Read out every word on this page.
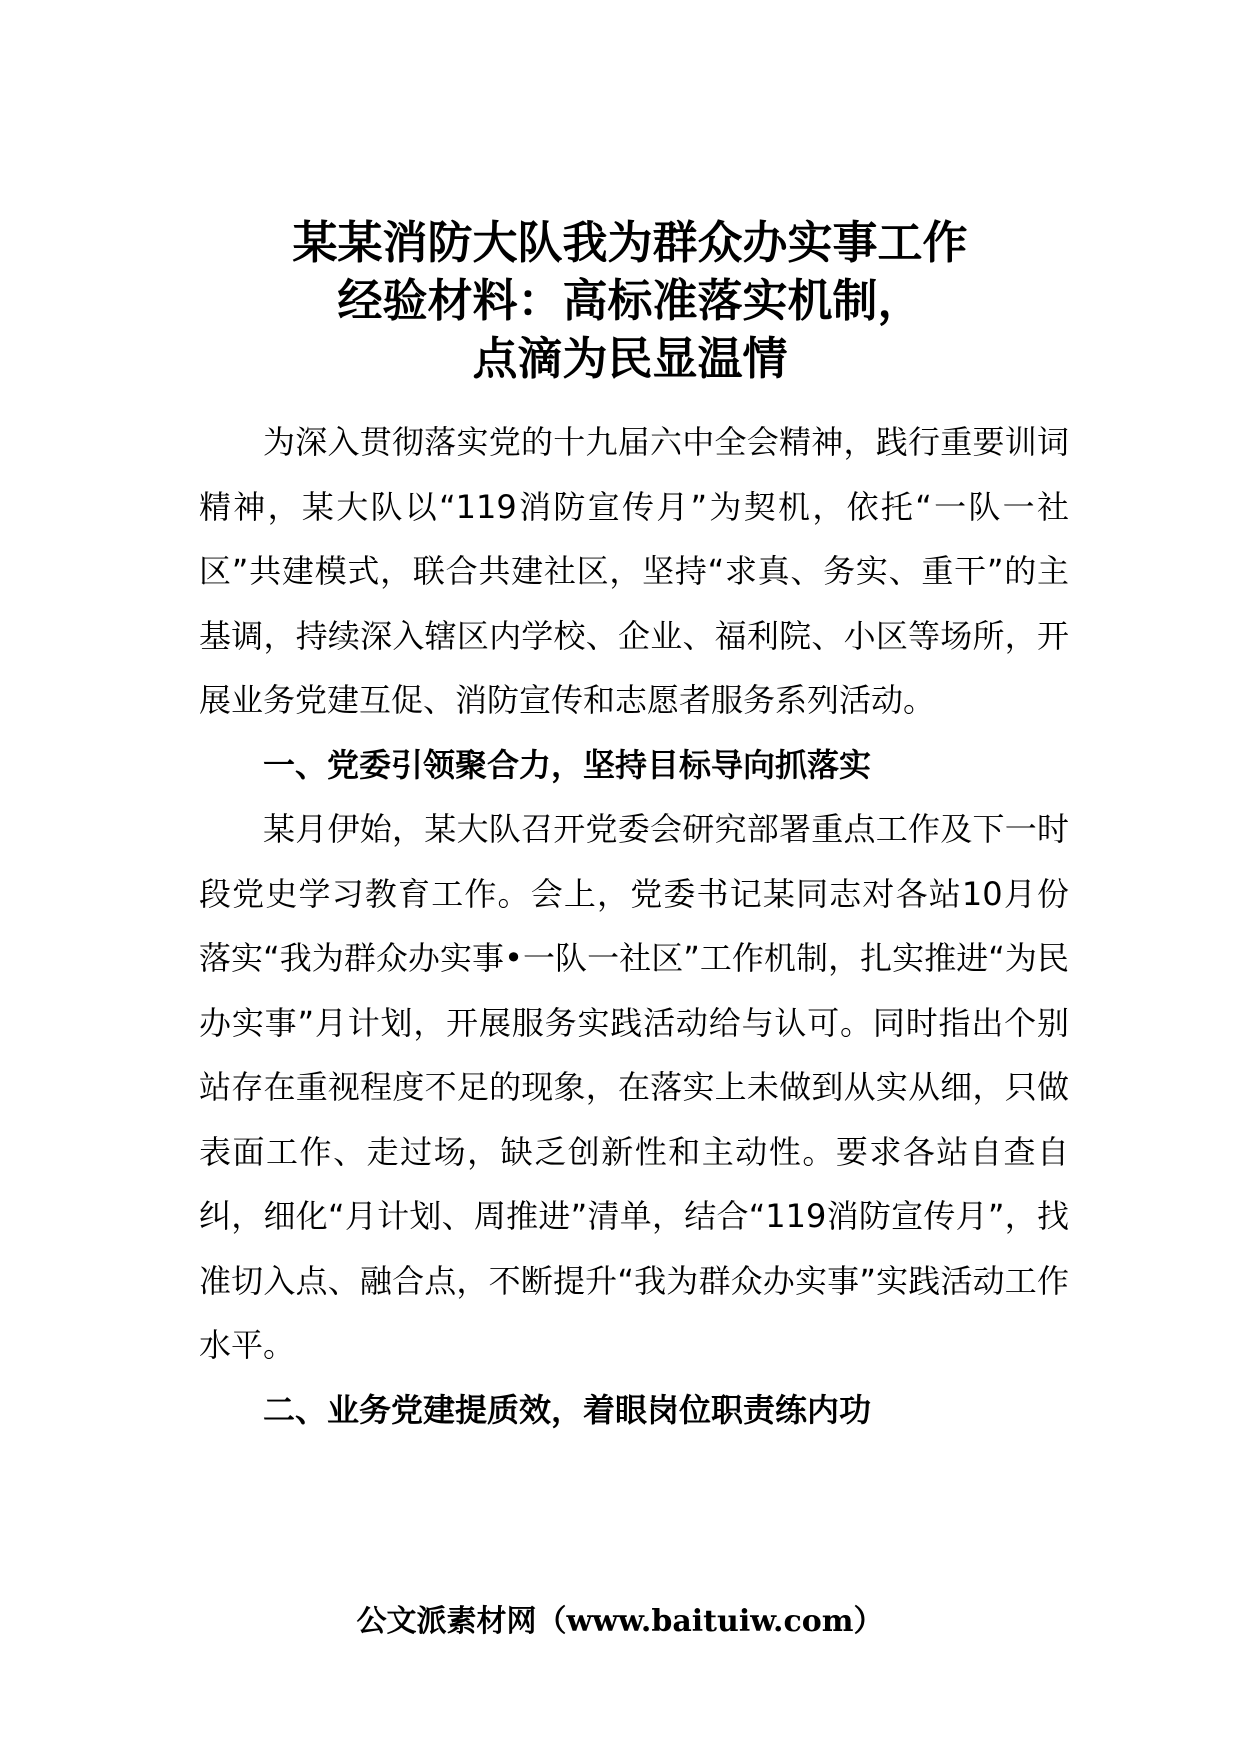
某某消防大队我为群众办实事工作
经验材料：高标准落实机制，
点滴为民显温情

为深入贯彻落实党的十九届六中全会精神，践行重要训词精神，某大队以“119消防宣传月”为契机，依托“一队一社区”共建模式，联合共建社区，坚持“求真、务实、重干”的主基调，持续深入辖区内学校、企业、福利院、小区等场所，开展业务党建互促、消防宣传和志愿者服务系列活动。

一、党委引领聚合力，坚持目标导向抓落实

某月伊始，某大队召开党委会研究部署重点工作及下一时段党史学习教育工作。会上，党委书记某同志对各站10月份落实“我为群众办实事•一队一社区”工作机制，扎实推进“为民办实事”月计划，开展服务实践活动给与认可。同时指出个别站存在重视程度不足的现象，在落实上未做到从实从细，只做表面工作、走过场，缺乏创新性和主动性。要求各站自查自纠，细化“月计划、周推进”清单，结合“119消防宣传月”，找准切入点、融合点，不断提升“我为群众办实事”实践活动工作水平。

二、业务党建提质效，着眼岗位职责练内功

公文派素材网（www.baituiw.com）
